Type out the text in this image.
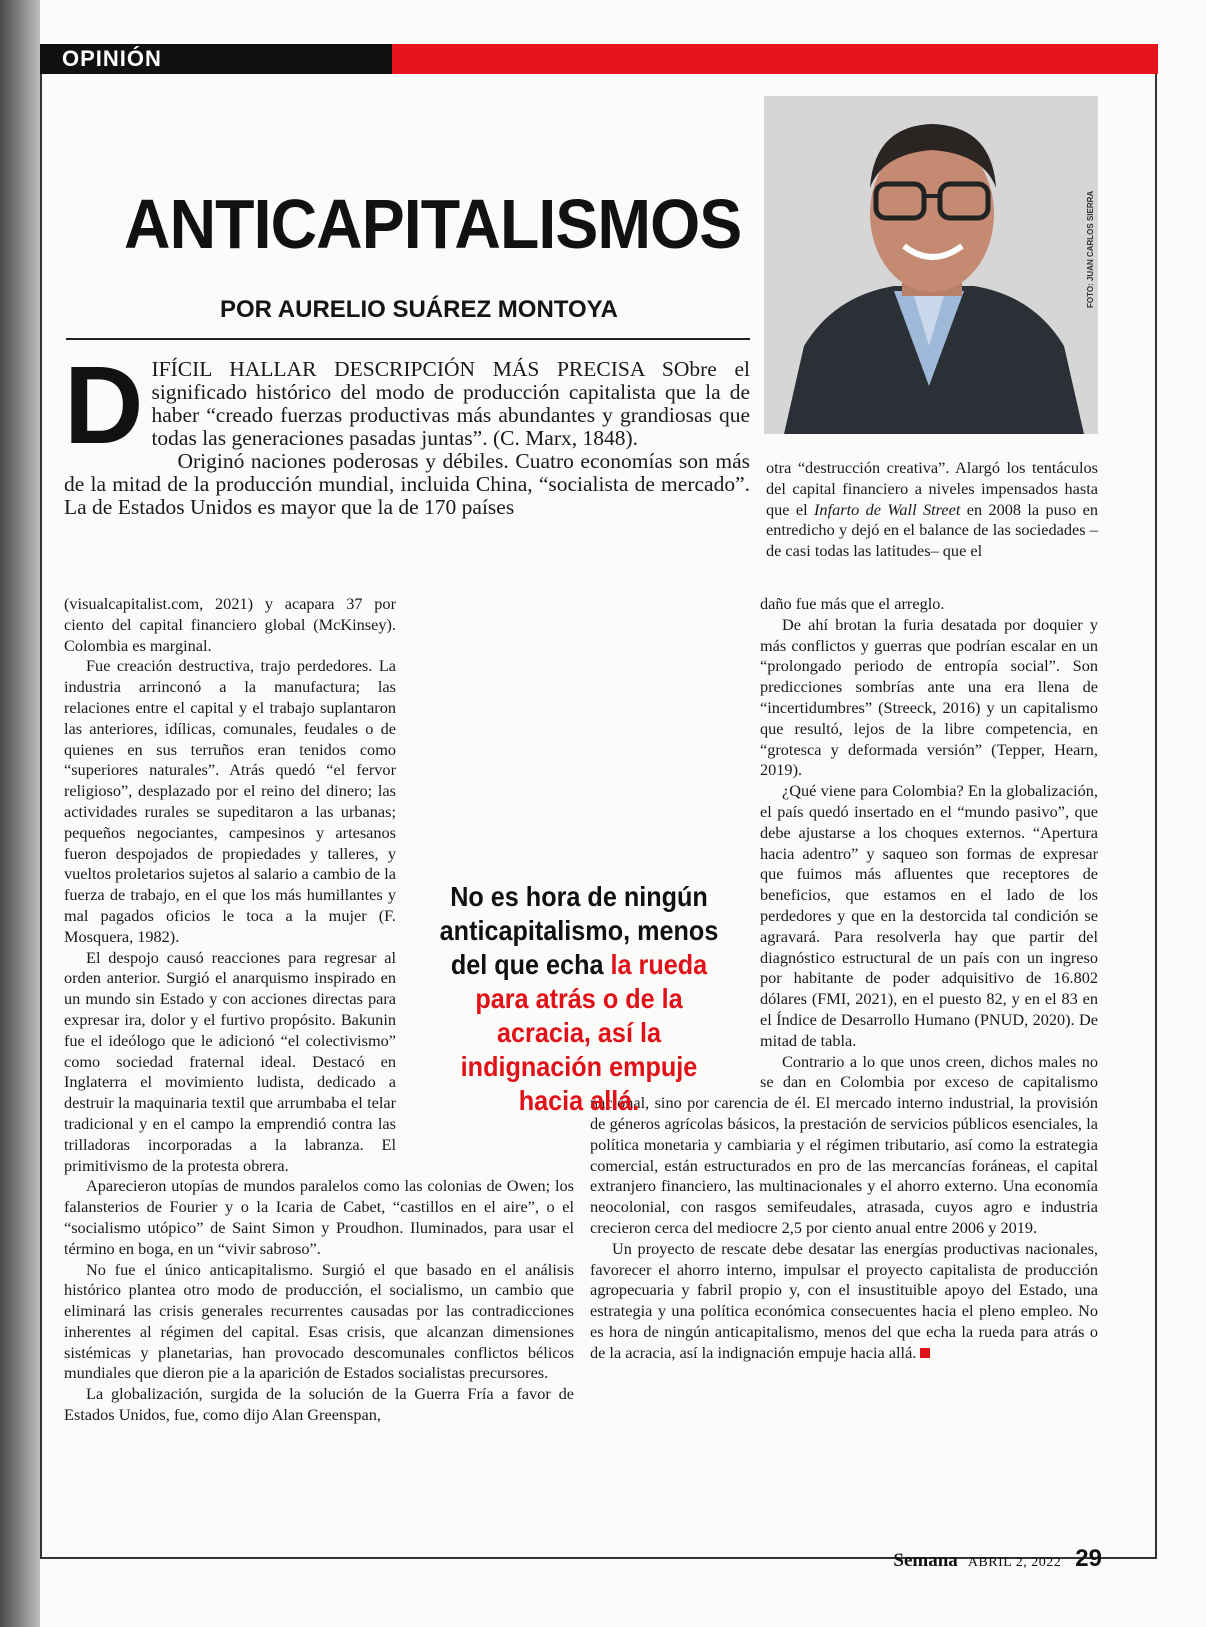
OPINIÓN
ANTICAPITALISMOS
POR AURELIO SUÁREZ MONTOYA
FOTO: JUAN CARLOS SIERRA

DIFÍCIL HALLAR DESCRIPCIÓN MÁS PRECISA SObre el significado histórico del modo de producción capitalista que la de haber “creado fuerzas productivas más abundantes y grandiosas que todas las generaciones pasadas juntas”. (C. Marx, 1848).

Originó naciones poderosas y débiles. Cuatro economías son más de la mitad de la producción mundial, incluida China, “socialista de mercado”. La de Estados Unidos es mayor que la de 170 países

otra “destrucción creativa”. Alargó los tentáculos del capital financiero a niveles impensados hasta que el Infarto de Wall Street en 2008 la puso en entredicho y dejó en el balance de las sociedades –de casi todas las latitudes– que el

(visualcapitalist.com, 2021) y acapara 37 por ciento del capital financiero global (McKinsey). Colombia es marginal.

Fue creación destructiva, trajo perdedores. La industria arrinconó a la manufactura; las relaciones entre el capital y el trabajo suplantaron las anteriores, idílicas, comunales, feudales o de quienes en sus terruños eran tenidos como “superiores naturales”. Atrás quedó “el fervor religioso”, desplazado por el reino del dinero; las actividades rurales se supeditaron a las urbanas; pequeños negociantes, campesinos y artesanos fueron despojados de propiedades y talleres, y vueltos proletarios sujetos al salario a cambio de la fuerza de trabajo, en el que los más humillantes y mal pagados oficios le toca a la mujer (F. Mosquera, 1982).

El despojo causó reacciones para regresar al orden anterior. Surgió el anarquismo inspirado en un mundo sin Estado y con acciones directas para expresar ira, dolor y el furtivo propósito. Bakunin fue el ideólogo que le adicionó “el colectivismo” como sociedad fraternal ideal. Destacó en Inglaterra el movimiento ludista, dedicado a destruir la maquinaria textil que arrumbaba el telar tradicional y en el campo la emprendió contra las trilladoras incorporadas a la labranza. El primitivismo de la protesta obrera.

Aparecieron utopías de mundos paralelos como las colonias de Owen; los falansterios de Fourier y o la Icaria de Cabet, “castillos en el aire”, o el “socialismo utópico” de Saint Simon y Proudhon. Iluminados, para usar el término en boga, en un “vivir sabroso”.

No fue el único anticapitalismo. Surgió el que basado en el análisis histórico plantea otro modo de producción, el socialismo, un cambio que eliminará las crisis generales recurrentes causadas por las contradicciones inherentes al régimen del capital. Esas crisis, que alcanzan dimensiones sistémicas y planetarias, han provocado descomunales conflictos bélicos mundiales que dieron pie a la aparición de Estados socialistas precursores.

La globalización, surgida de la solución de la Guerra Fría a favor de Estados Unidos, fue, como dijo Alan Greenspan,

daño fue más que el arreglo.

De ahí brotan la furia desatada por doquier y más conflictos y guerras que podrían escalar en un “prolongado periodo de entropía social”. Son predicciones sombrías ante una era llena de “incertidumbres” (Streeck, 2016) y un capitalismo que resultó, lejos de la libre competencia, en “grotesca y deformada versión” (Tepper, Hearn, 2019).

¿Qué viene para Colombia? En la globalización, el país quedó insertado en el “mundo pasivo”, que debe ajustarse a los choques externos. “Apertura hacia adentro” y saqueo son formas de expresar que fuimos más afluentes que receptores de beneficios, que estamos en el lado de los perdedores y que en la destorcida tal condición se agravará. Para resolverla hay que partir del diagnóstico estructural de un país con un ingreso por habitante de poder adquisitivo de 16.802 dólares (FMI, 2021), en el puesto 82, y en el 83 en el Índice de Desarrollo Humano (PNUD, 2020). De mitad de tabla.

Contrario a lo que unos creen, dichos males no se dan en Colombia por exceso de capitalismo nacional, sino por carencia de él. El mercado interno industrial, la provisión de géneros agrícolas básicos, la prestación de servicios públicos esenciales, la política monetaria y cambiaria y el régimen tributario, así como la estrategia comercial, están estructurados en pro de las mercancías foráneas, el capital extranjero financiero, las multinacionales y el ahorro externo. Una economía neocolonial, con rasgos semifeudales, atrasada, cuyos agro e industria crecieron cerca del mediocre 2,5 por ciento anual entre 2006 y 2019.

Un proyecto de rescate debe desatar las energías productivas nacionales, favorecer el ahorro interno, impulsar el proyecto capitalista de producción agropecuaria y fabril propio y, con el insustituible apoyo del Estado, una estrategia y una política económica consecuentes hacia el pleno empleo. No es hora de ningún anticapitalismo, menos del que echa la rueda para atrás o de la acracia, así la indignación empuje hacia allá.

No es hora de ningún anticapitalismo, menos del que echa la rueda para atrás o de la acracia, así la indignación empuje hacia allá.
Semana ABRIL 2, 2022 29
